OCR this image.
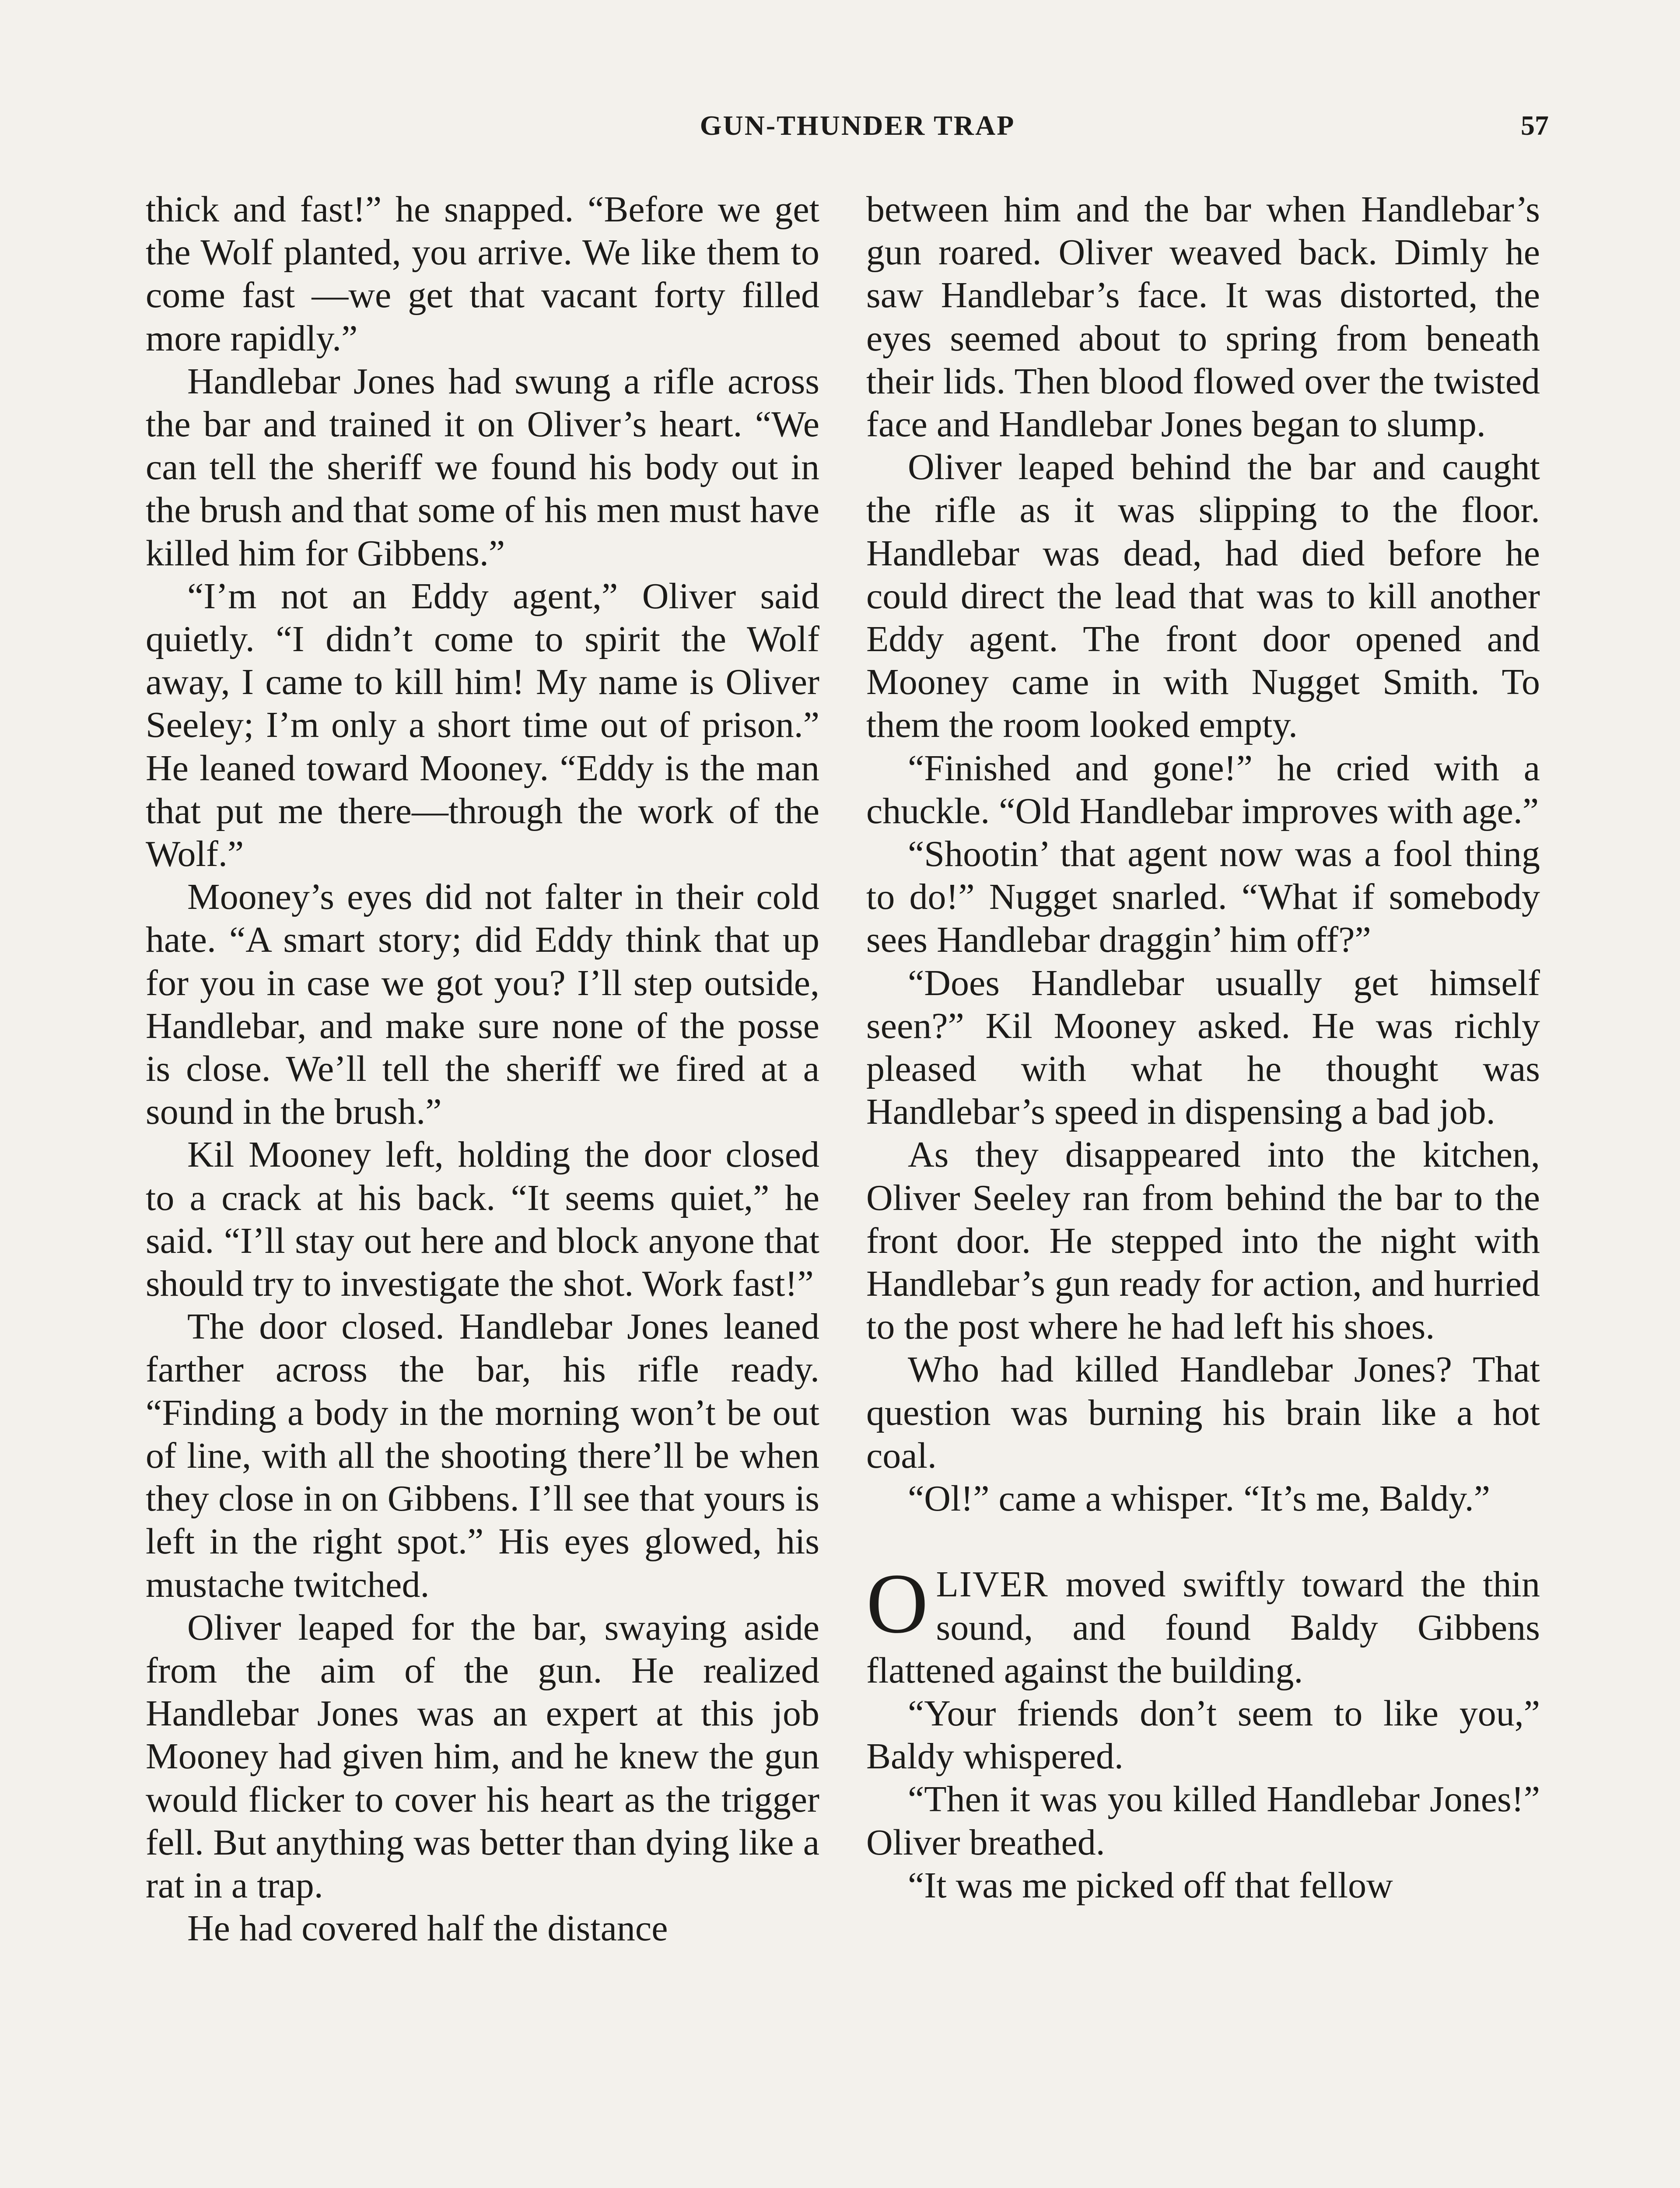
GUN-THUNDER TRAP	57

thick and fast!” he snapped. “Before we get the Wolf planted, you arrive. We like them to come fast —we get that vacant forty filled more rapidly.”

Handlebar Jones had swung a rifle across the bar and trained it on Oliver’s heart. “We can tell the sheriff we found his body out in the brush and that some of his men must have killed him for Gibbens.”

“I’m not an Eddy agent,” Oliver said quietly. “I didn’t come to spirit the Wolf away, I came to kill him! My name is Oliver Seeley; I’m only a short time out of prison.” He leaned toward Mooney. “Eddy is the man that put me there—through the work of the Wolf.”

Mooney’s eyes did not falter in their cold hate. “A smart story; did Eddy think that up for you in case we got you? I’ll step outside, Handlebar, and make sure none of the posse is close. We’ll tell the sheriff we fired at a sound in the brush.”

Kil Mooney left, holding the door closed to a crack at his back. “It seems quiet,” he said. “I’ll stay out here and block anyone that should try to investigate the shot. Work fast!”

The door closed. Handlebar Jones leaned farther across the bar, his rifle ready. “Finding a body in the morning won’t be out of line, with all the shooting there’ll be when they close in on Gibbens. I’ll see that yours is left in the right spot.” His eyes glowed, his mustache twitched.

Oliver leaped for the bar, swaying aside from the aim of the gun. He realized Handlebar Jones was an expert at this job Mooney had given him, and he knew the gun would flicker to cover his heart as the trigger fell. But anything was better than dying like a rat in a trap.

He had covered half the distance

between him and the bar when Handlebar’s gun roared. Oliver weaved back. Dimly he saw Handlebar’s face. It was distorted, the eyes seemed about to spring from beneath their lids. Then blood flowed over the twisted face and Handlebar Jones began to slump.

Oliver leaped behind the bar and caught the rifle as it was slipping to the floor. Handlebar was dead, had died before he could direct the lead that was to kill another Eddy agent. The front door opened and Mooney came in with Nugget Smith. To them the room looked empty.

“Finished and gone!” he cried with a chuckle. “Old Handlebar improves with age.”

“Shootin’ that agent now was a fool thing to do!” Nugget snarled. “What if somebody sees Handlebar draggin’ him off?”

“Does Handlebar usually get himself seen?” Kil Mooney asked. He was richly pleased with what he thought was Handlebar’s speed in dispensing a bad job.

As they disappeared into the kitchen, Oliver Seeley ran from behind the bar to the front door. He stepped into the night with Handlebar’s gun ready for action, and hurried to the post where he had left his shoes.

Who had killed Handlebar Jones? That question was burning his brain like a hot coal.

“Ol!” came a whisper. “It’s me, Baldy.”

OLIVER moved swiftly toward the thin sound, and found Baldy Gibbens flattened against the building.

“Your friends don’t seem to like you,” Baldy whispered.

“Then it was you killed Handlebar Jones!” Oliver breathed.

“It was me picked off that fellow
